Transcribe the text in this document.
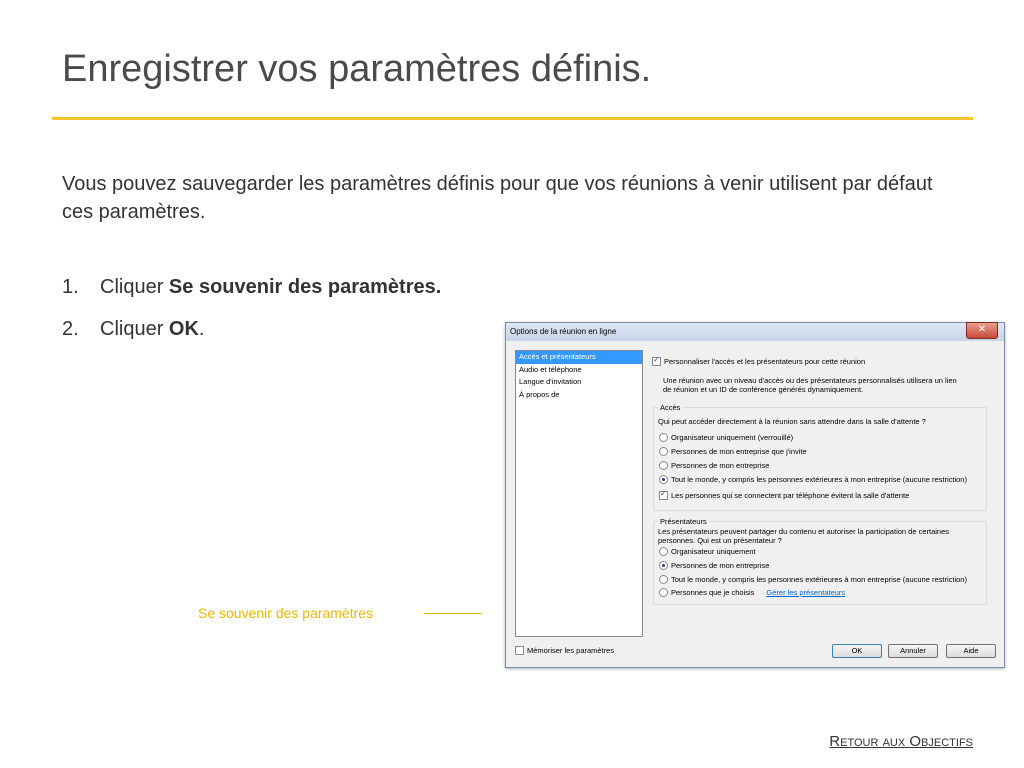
Enregistrer vos paramètres définis.

Vous pouvez sauvegarder les paramètres définis pour que vos réunions à venir utilisent par défaut ces paramètres.

1. Cliquer Se souvenir des paramètres.
2. Cliquer OK.
Se souvenir des paramètres
Options de la réunion en ligne	✕
Accès et présentateurs
Audio et téléphone
Langue d'invitation
À propos de
✓
Personnaliser l'accès et les présentateurs pour cette réunion
Une réunion avec un niveau d'accès ou des présentateurs personnalisés utilisera un lien
de réunion et un ID de conférence générés dynamiquement.
Accès
Qui peut accéder directement à la réunion sans attendre dans la salle d'attente ?
Organisateur uniquement (verrouillé)
Personnes de mon entreprise que j'invite
Personnes de mon entreprise
Tout le monde, y compris les personnes extérieures à mon entreprise (aucune restriction)
✓
Les personnes qui se connectent par téléphone évitent la salle d'attente
Présentateurs
Les présentateurs peuvent partager du contenu et autoriser la participation de certaines
personnes. Qui est un présentateur ?
Organisateur uniquement
Personnes de mon entreprise
Tout le monde, y compris les personnes extérieures à mon entreprise (aucune restriction)
Personnes que je choisis Gérer les présentateurs
Mémoriser les paramètres	OK	Annuler	Aide
Retour aux Objectifs
